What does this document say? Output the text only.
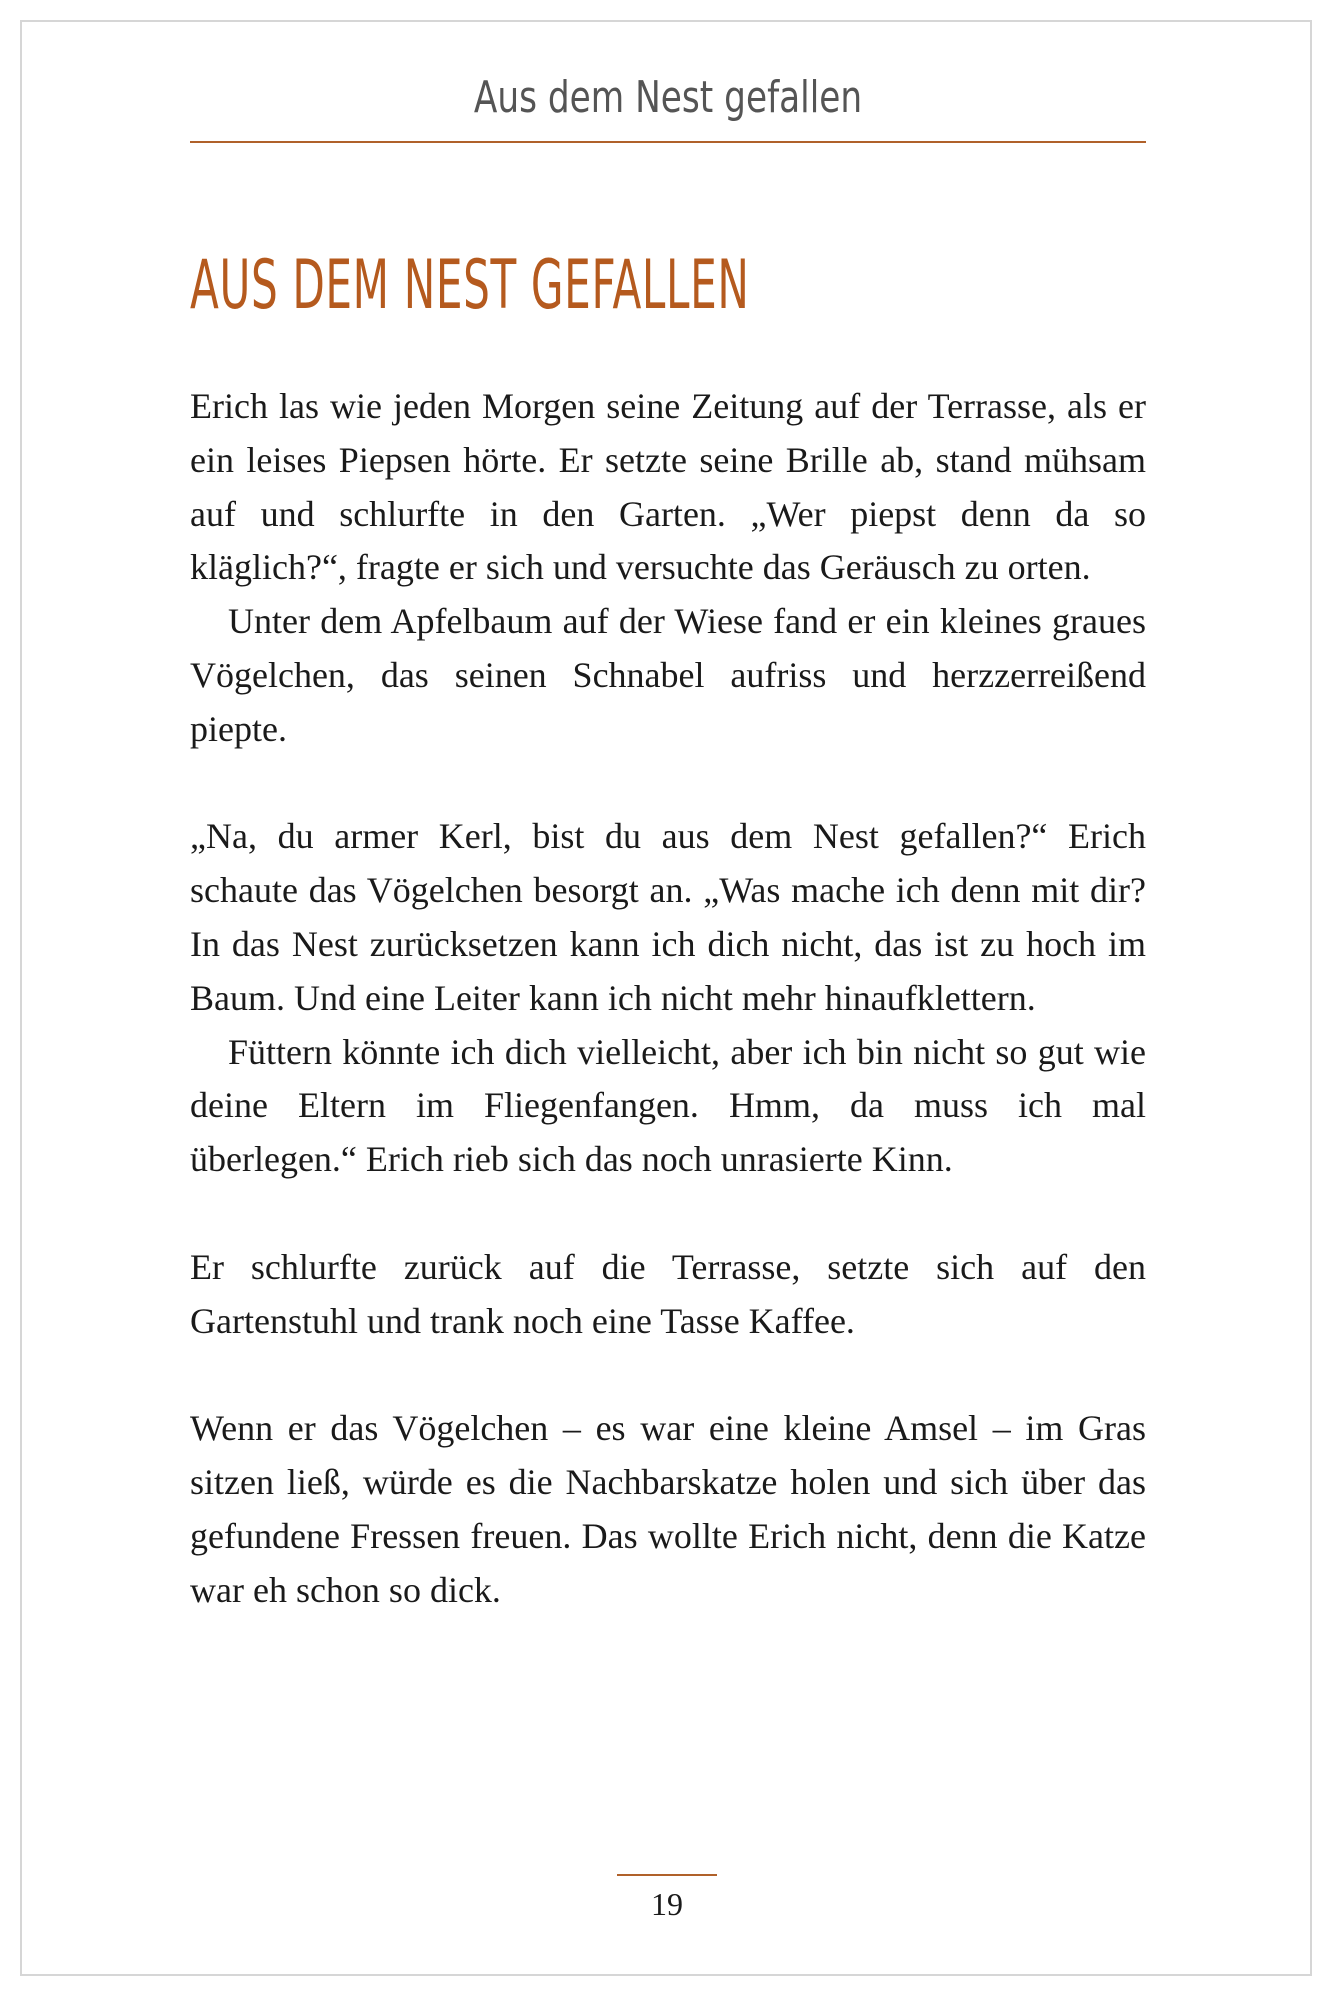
Aus dem Nest gefallen
AUS DEM NEST GEFALLEN

Erich las wie jeden Morgen seine Zeitung auf der Terrasse, als er ein leises Piepsen hörte. Er setzte seine Brille ab, stand mühsam auf und schlurfte in den Garten. „Wer piepst denn da so kläglich?“, fragte er sich und versuchte das Geräusch zu orten.

Unter dem Apfelbaum auf der Wiese fand er ein kleines graues Vögelchen, das seinen Schnabel aufriss und herzzerreißend piepte.

„Na, du armer Kerl, bist du aus dem Nest gefallen?“ Erich schaute das Vögelchen besorgt an. „Was mache ich denn mit dir? In das Nest zurücksetzen kann ich dich nicht, das ist zu hoch im Baum. Und eine Leiter kann ich nicht mehr hinaufklettern.

Füttern könnte ich dich vielleicht, aber ich bin nicht so gut wie deine Eltern im Fliegenfangen. Hmm, da muss ich mal überlegen.“ Erich rieb sich das noch unrasierte Kinn.

Er schlurfte zurück auf die Terrasse, setzte sich auf den Gartenstuhl und trank noch eine Tasse Kaffee.

Wenn er das Vögelchen – es war eine kleine Amsel – im Gras sitzen ließ, würde es die Nachbarskatze holen und sich über das gefundene Fressen freuen. Das wollte Erich nicht, denn die Katze war eh schon so dick.

19
